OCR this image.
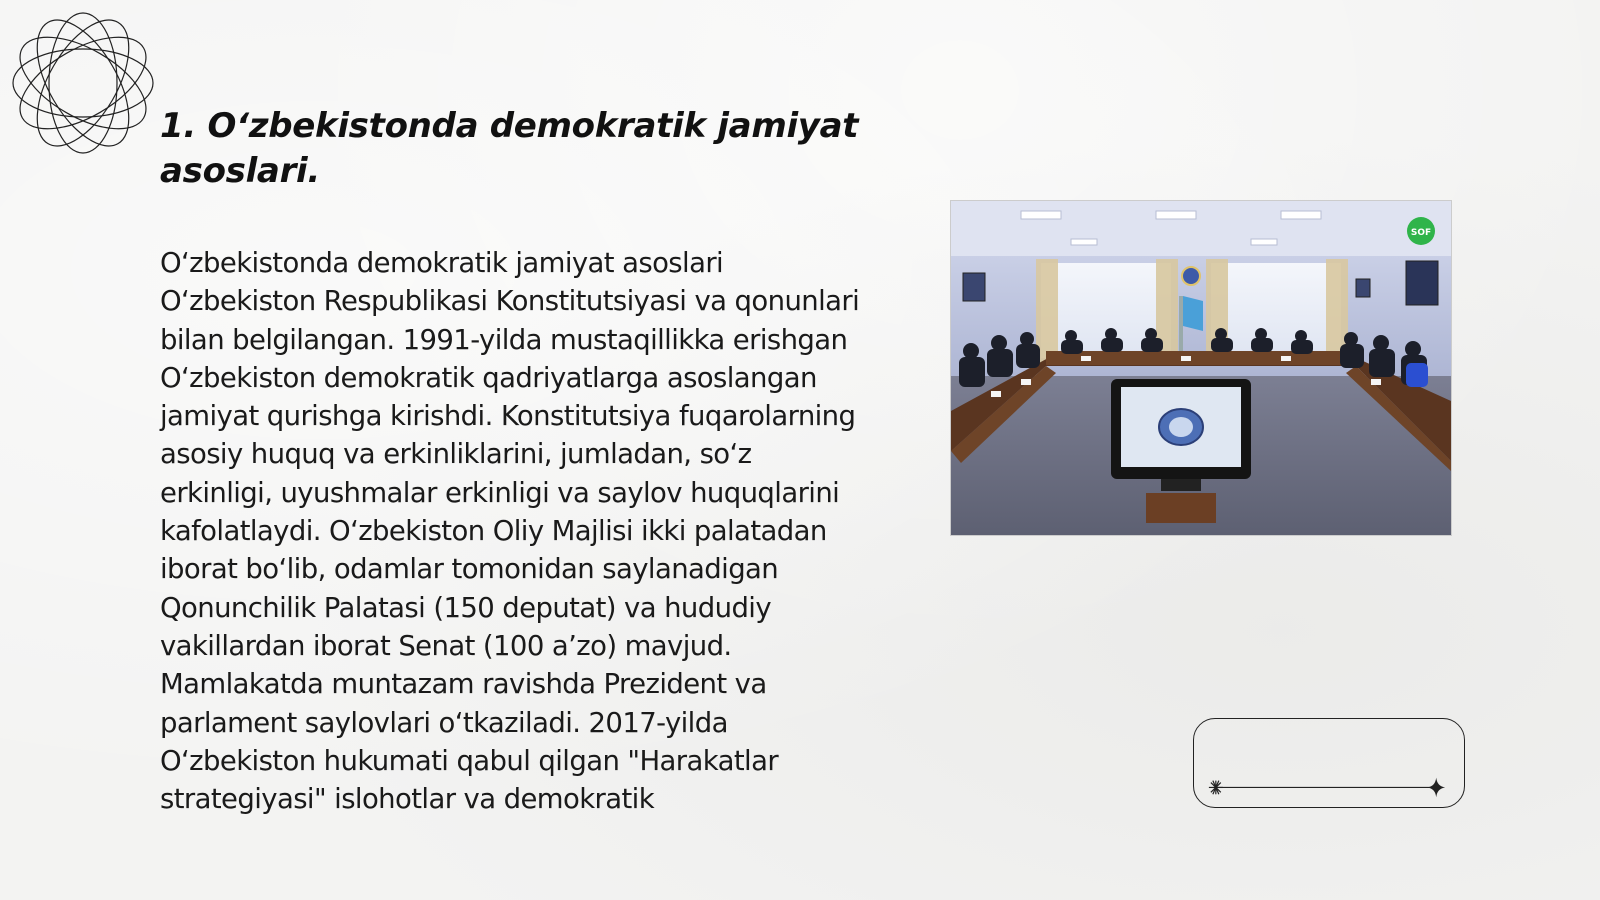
1. O‘zbekistonda demokratik jamiyat asoslari.

O‘zbekistonda demokratik jamiyat asoslari O‘zbekiston Respublikasi Konstitutsiyasi va qonunlari bilan belgilangan. 1991-yilda mustaqillikka erishgan O‘zbekiston demokratik qadriyatlarga asoslangan jamiyat qurishga kirishdi. Konstitutsiya fuqarolarning asosiy huquq va erkinliklarini, jumladan, so‘z erkinligi, uyushmalar erkinligi va saylov huquqlarini kafolatlaydi. O‘zbekiston Oliy Majlisi ikki palatadan iborat bo‘lib, odamlar tomonidan saylanadigan Qonunchilik Palatasi (150 deputat) va hududiy vakillardan iborat Senat (100 a’zo) mavjud. Mamlakatda muntazam ravishda Prezident va parlament saylovlari o‘tkaziladi. 2017-yilda O‘zbekiston hukumati qabul qilgan "Harakatlar strategiyasi" islohotlar va demokratik

SOF
